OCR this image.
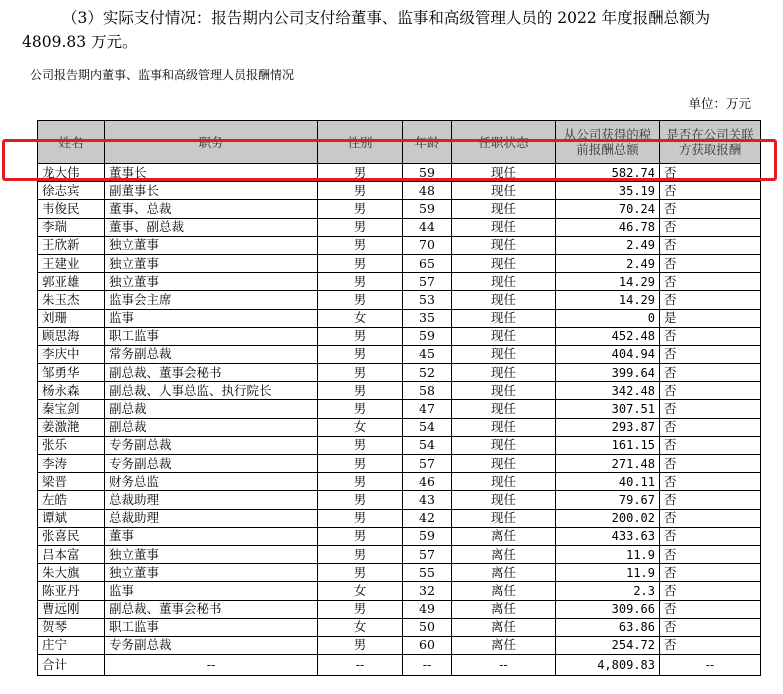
（3）实际支付情况：报告期内公司支付给董事、监事和高级管理人员的 2022 年度报酬总额为
4809.83 万元。

公司报告期内董事、监事和高级管理人员报酬情况

单位：万元

姓名	职务	性别	年龄	任职状态	从公司获得的税前报酬总额	是否在公司关联方获取报酬
龙大伟	董事长	男	59	现任	582.74	否
徐志宾	副董事长	男	48	现任	35.19	否
韦俊民	董事、总裁	男	59	现任	70.24	否
李瑞	董事、副总裁	男	44	现任	46.78	否
王欣新	独立董事	男	70	现任	2.49	否
王建业	独立董事	男	65	现任	2.49	否
郭亚雄	独立董事	男	57	现任	14.29	否
朱玉杰	监事会主席	男	53	现任	14.29	否
刘珊	监事	女	35	现任	0	是
顾思海	职工监事	男	59	现任	452.48	否
李庆中	常务副总裁	男	45	现任	404.94	否
邹勇华	副总裁、董事会秘书	男	52	现任	399.64	否
杨永森	副总裁、人事总监、执行院长	男	58	现任	342.48	否
秦宝剑	副总裁	男	47	现任	307.51	否
姜激滟	副总裁	女	54	现任	293.87	否
张乐	专务副总裁	男	54	现任	161.15	否
李涛	专务副总裁	男	57	现任	271.48	否
梁晋	财务总监	男	46	现任	40.11	否
左皓	总裁助理	男	43	现任	79.67	否
谭斌	总裁助理	男	42	现任	200.02	否
张喜民	董事	男	59	离任	433.63	否
吕本富	独立董事	男	57	离任	11.9	否
朱大旗	独立董事	男	55	离任	11.9	否
陈亚丹	监事	女	32	离任	2.3	否
曹远刚	副总裁、董事会秘书	男	49	离任	309.66	否
贺琴	职工监事	女	50	离任	63.86	否
庄宁	专务副总裁	男	60	离任	254.72	否
合计	--	--	--	--	4,809.83	--
